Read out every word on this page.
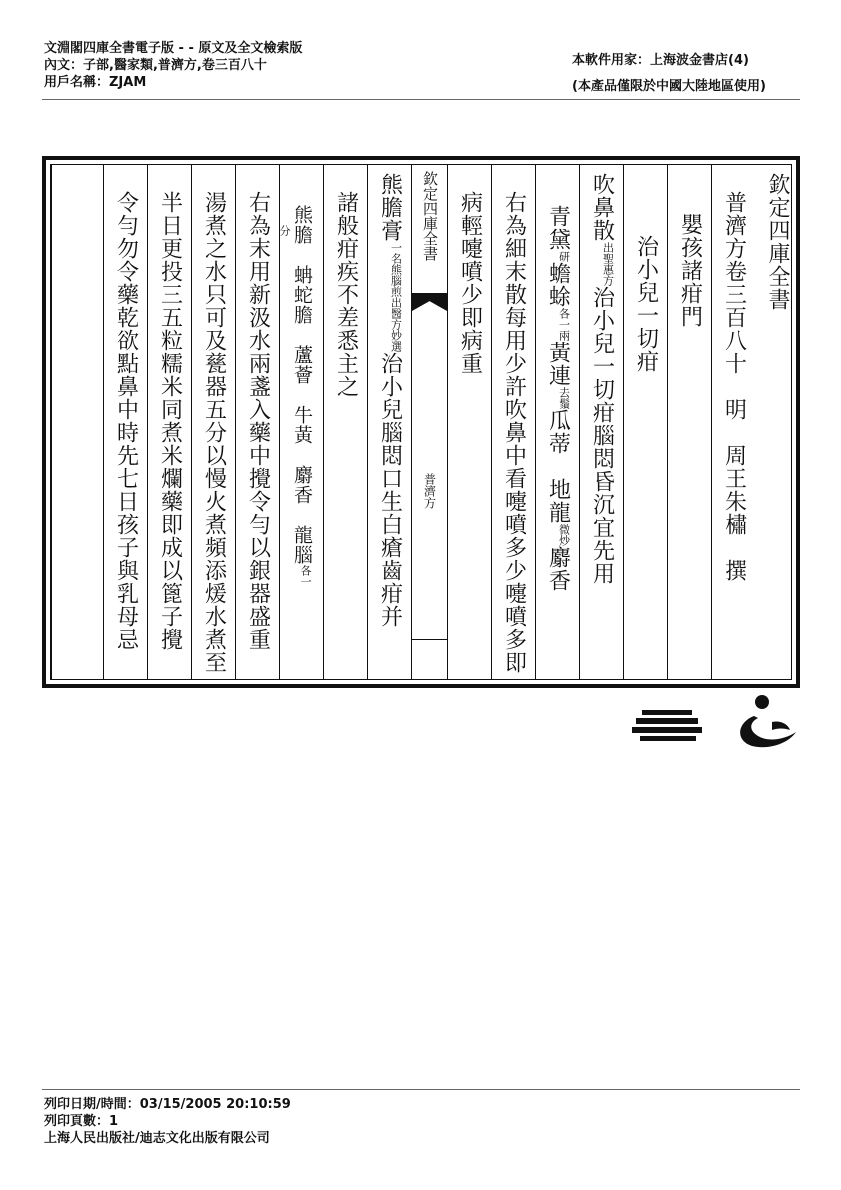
文淵閣四庫全書電子版 - - 原文及全文檢索版
內文：子部,醫家類,普濟方,卷三百八十
用戶名稱：ZJAM
本軟件用家：上海波金書店(4)
(本產品僅限於中國大陸地區使用)
欽定四庫全書
普濟方卷三百八十　明　周王朱橚　撰
嬰孩諸疳門
治小兒一切疳
吹鼻散出聖惠方治小兒一切疳腦悶昏沉宜先用
青黛$^研$蟾蜍各一兩黃連去鬚瓜蒂　地龍微炒麝香
右為細末散每用少許吹鼻中看嚏噴多少嚏噴多即
病輕嚏噴少即病重
欽定四庫全書
普濟方
熊膽膏一名熊腦煎出醫方妙選治小兒腦悶口生白瘡齒疳并
諸般疳疾不差悉主之
熊膽　蚺蛇膽　蘆薈　牛黃　麝香　龍腦$^{各一}$
分
右為末用新汲水兩盞入藥中攪令勻以銀器盛重
湯煮之水只可及甆器五分以慢火煮頻添煖水煮至
半日更投三五粒糯米同煮米爛藥即成以篦子攪
令勻勿令藥乾欲點鼻中時先七日孩子與乳母忌
列印日期/時間：03/15/2005 20:10:59
列印頁數：1
上海人民出版社/迪志文化出版有限公司
